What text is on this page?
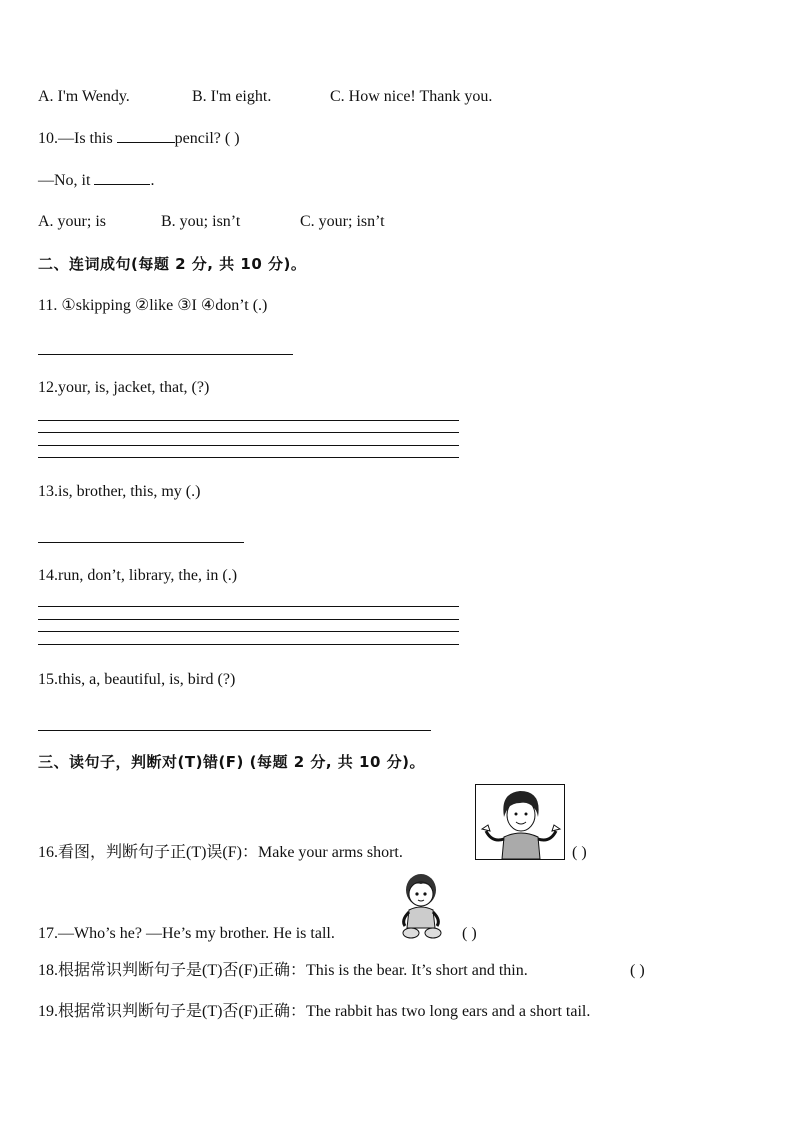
A. I'm Wendy.	B. I'm eight.	C. How nice! Thank you.
10.—Is this	pencil? ( )
—No, it	.
A. your; is	B. you; isn’t	C. your; isn’t
二、连词成句(每题 2 分, 共 10 分)。
11. ①skipping ②like ③I ④don’t (.)
12.your, is, jacket, that, (?)
13.is, brother, this, my (.)
14.run, don’t, library, the, in (.)
15.this, a, beautiful, is, bird (?)
三、读句子，判断对(T)错(F) (每题 2 分, 共 10 分)。
16.看图，判断句子正(T)误(F)：Make your arms short.	( )
17.—Who’s he? —He’s my brother. He is tall.	( )
18.根据常识判断句子是(T)否(F)正确：This is the bear. It’s short and thin.	( )
19.根据常识判断句子是(T)否(F)正确：The rabbit has two long ears and a short tail.
